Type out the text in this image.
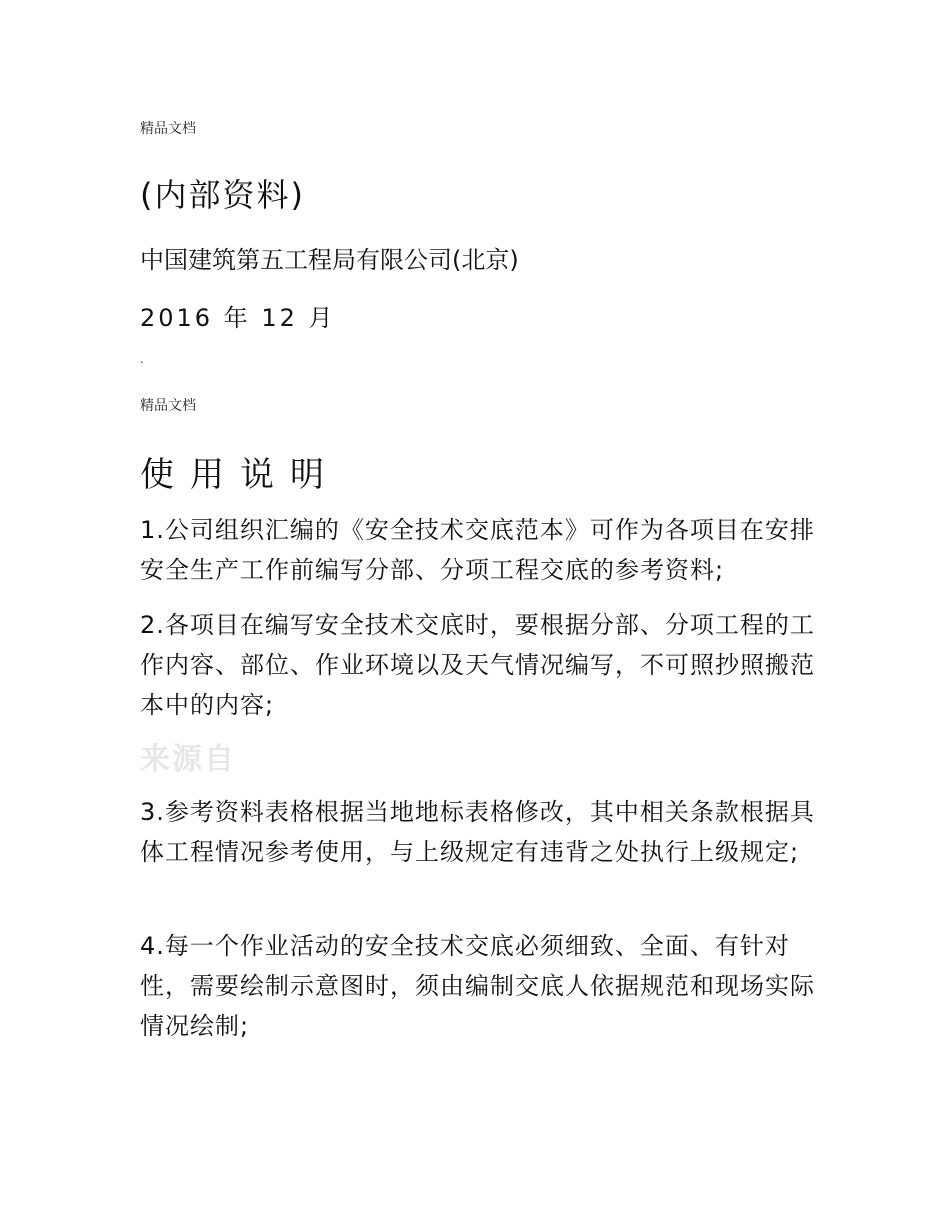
精品文档
(内部资料)
中国建筑第五工程局有限公司(北京)
2016 年 12 月
.
精品文档
使用说明
1.公司组织汇编的《安全技术交底范本》可作为各项目在安排安全生产工作前编写分部、分项工程交底的参考资料;
2.各项目在编写安全技术交底时，要根据分部、分项工程的工作内容、部位、作业环境以及天气情况编写，不可照抄照搬范本中的内容;
来源自
3.参考资料表格根据当地地标表格修改，其中相关条款根据具体工程情况参考使用，与上级规定有违背之处执行上级规定;
4.每一个作业活动的安全技术交底必须细致、全面、有针对性，需要绘制示意图时，须由编制交底人依据规范和现场实际情况绘制;
